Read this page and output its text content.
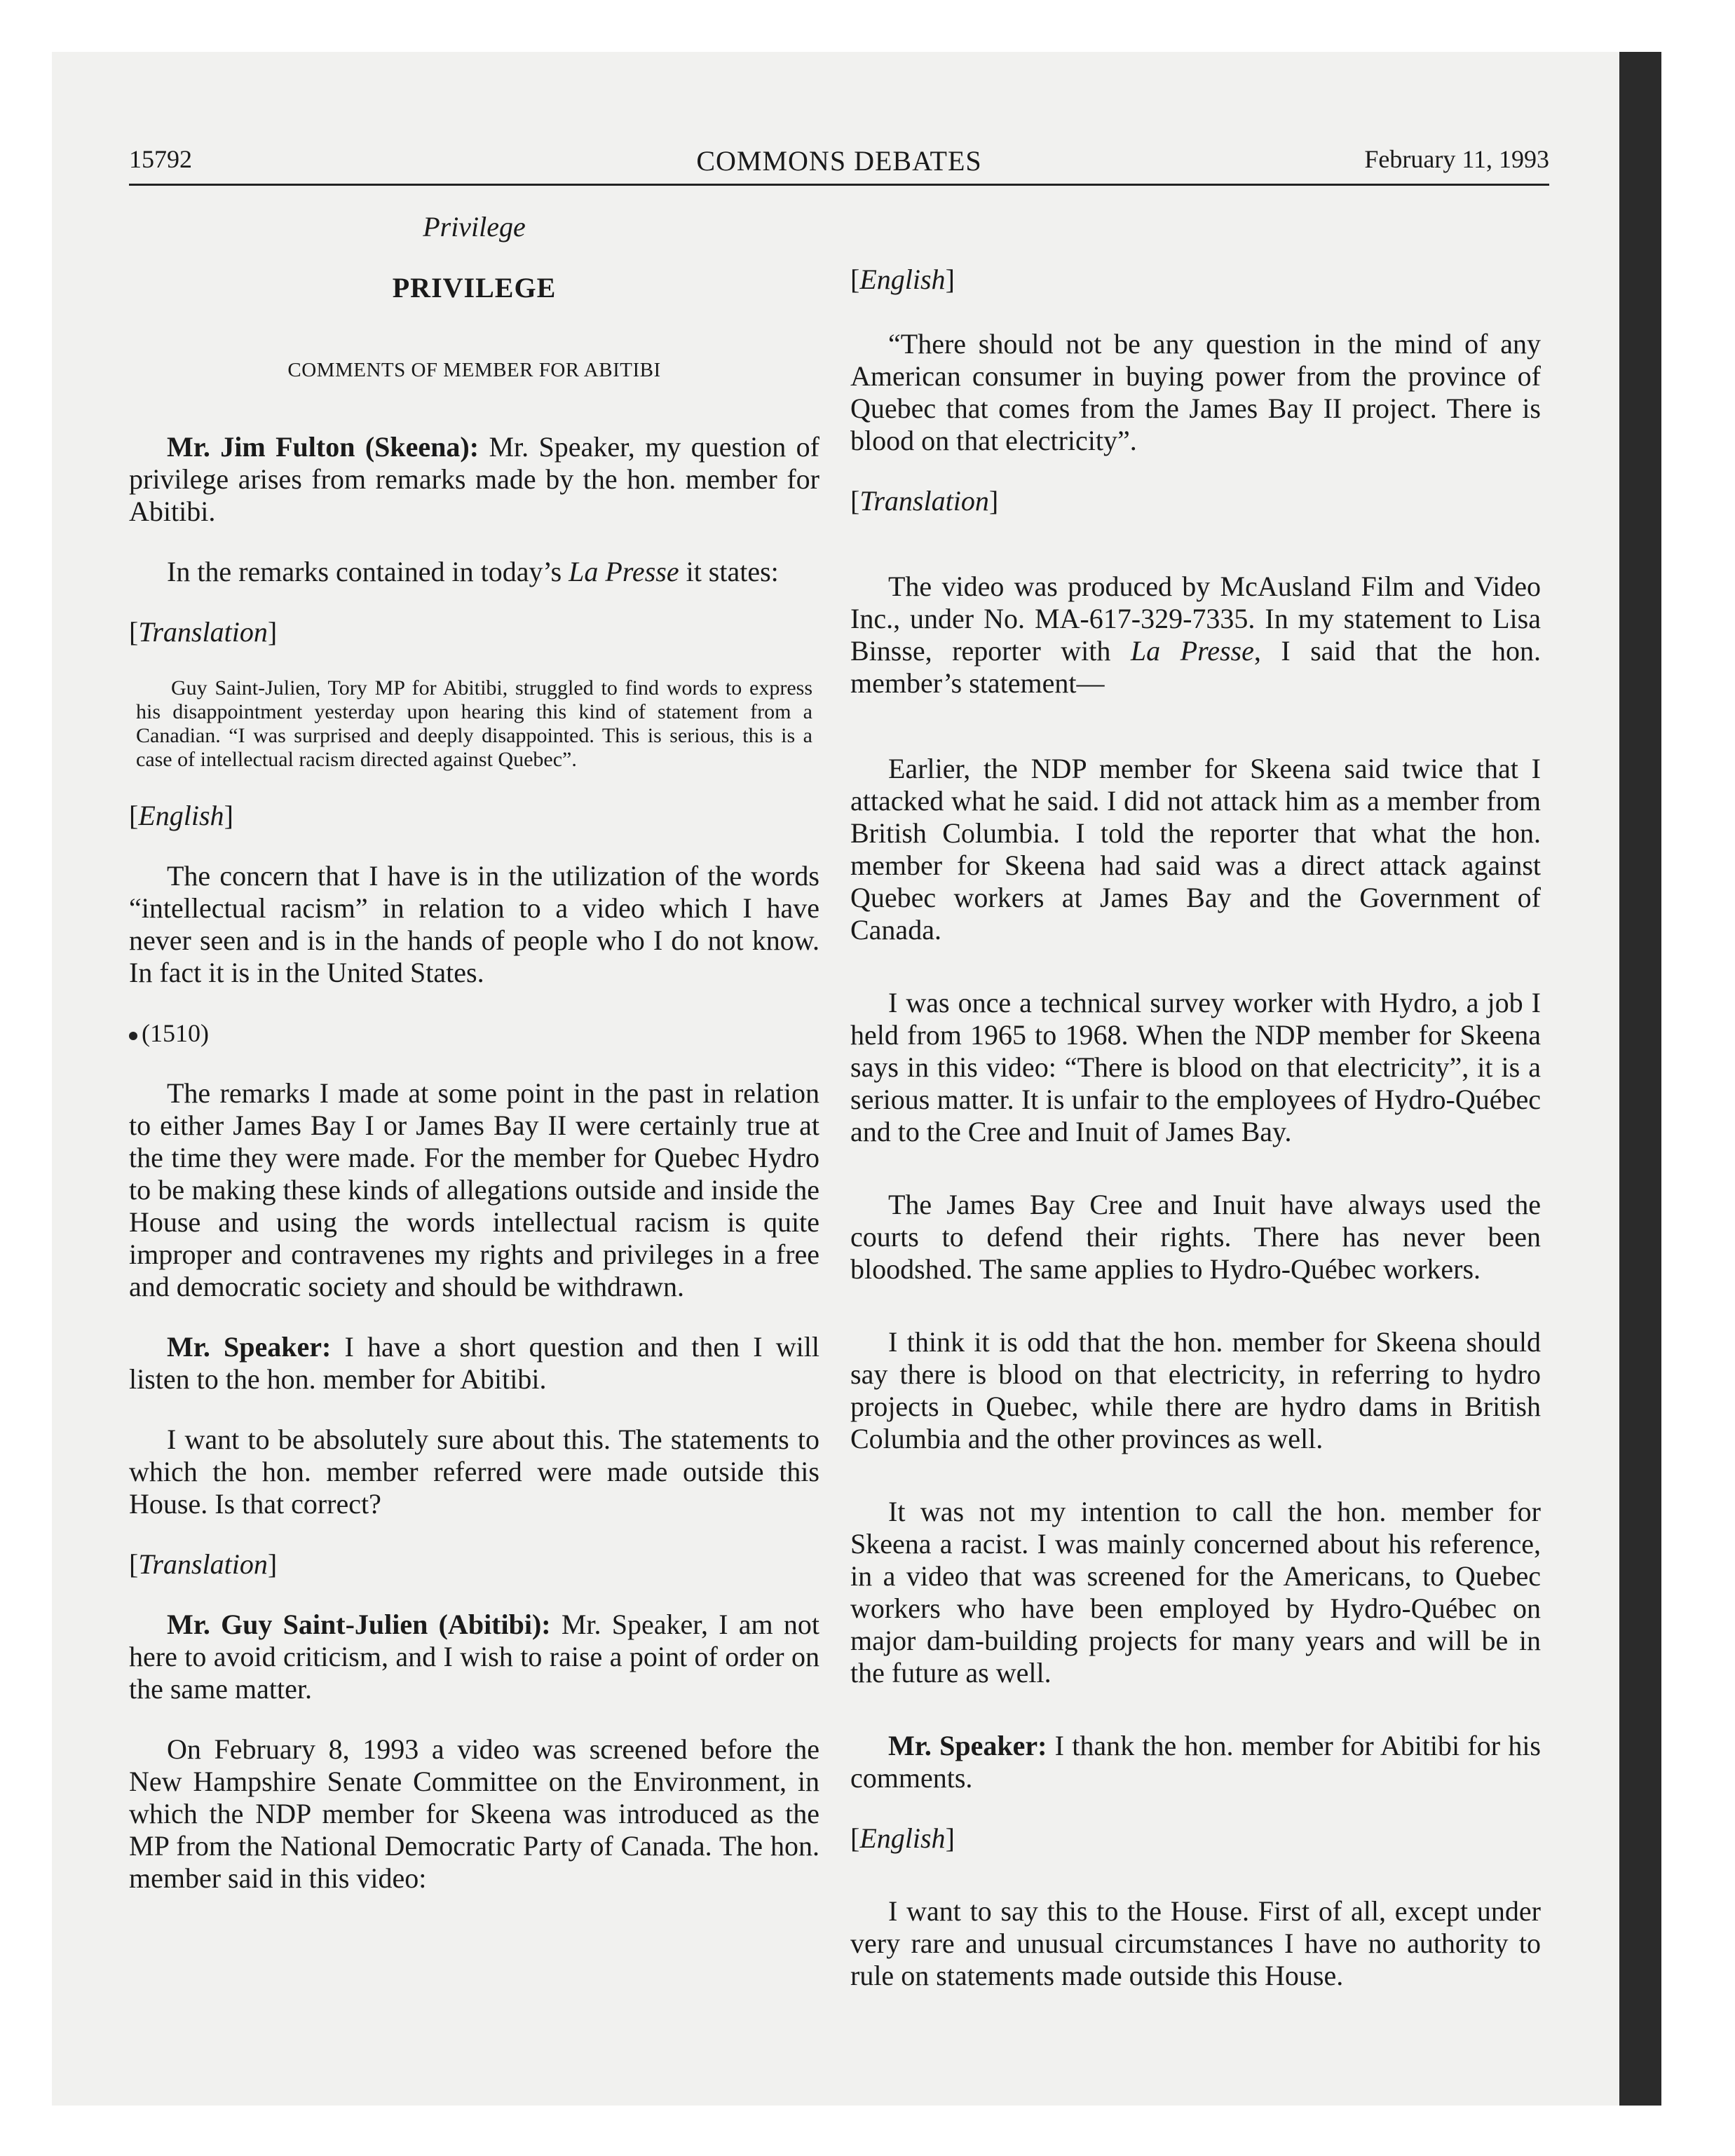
15792	COMMONS DEBATES	February 11, 1993
Privilege
PRIVILEGE
COMMENTS OF MEMBER FOR ABITIBI

Mr. Jim Fulton (Skeena): Mr. Speaker, my question of privilege arises from remarks made by the hon. member for Abitibi.

In the remarks contained in today’s La Presse it states:

[Translation]
Guy Saint-Julien, Tory MP for Abitibi, struggled to find words to express his disappointment yesterday upon hearing this kind of statement from a Canadian. “I was surprised and deeply disappointed. This is serious, this is a case of intellectual racism directed against Quebec”.
[English]

The concern that I have is in the utilization of the words “intellectual racism” in relation to a video which I have never seen and is in the hands of people who I do not know. In fact it is in the United States.

(1510)

The remarks I made at some point in the past in relation to either James Bay I or James Bay II were certainly true at the time they were made. For the member for Quebec Hydro to be making these kinds of allegations outside and inside the House and using the words intellectual racism is quite improper and contravenes my rights and privileges in a free and democratic society and should be withdrawn.

Mr. Speaker: I have a short question and then I will listen to the hon. member for Abitibi.

I want to be absolutely sure about this. The statements to which the hon. member referred were made outside this House. Is that correct?

[Translation]

Mr. Guy Saint-Julien (Abitibi): Mr. Speaker, I am not here to avoid criticism, and I wish to raise a point of order on the same matter.

On February 8, 1993 a video was screened before the New Hampshire Senate Committee on the Environment, in which the NDP member for Skeena was introduced as the MP from the National Democratic Party of Canada. The hon. member said in this video:

[English]

“There should not be any question in the mind of any American consumer in buying power from the province of Quebec that comes from the James Bay II project. There is blood on that electricity”.

[Translation]

The video was produced by McAusland Film and Video Inc., under No. MA-617-329-7335. In my statement to Lisa Binsse, reporter with La Presse, I said that the hon. member’s statement—

Earlier, the NDP member for Skeena said twice that I attacked what he said. I did not attack him as a member from British Columbia. I told the reporter that what the hon. member for Skeena had said was a direct attack against Quebec workers at James Bay and the Government of Canada.

I was once a technical survey worker with Hydro, a job I held from 1965 to 1968. When the NDP member for Skeena says in this video: “There is blood on that electricity”, it is a serious matter. It is unfair to the employees of Hydro-Québec and to the Cree and Inuit of James Bay.

The James Bay Cree and Inuit have always used the courts to defend their rights. There has never been bloodshed. The same applies to Hydro-Québec workers.

I think it is odd that the hon. member for Skeena should say there is blood on that electricity, in referring to hydro projects in Quebec, while there are hydro dams in British Columbia and the other provinces as well.

It was not my intention to call the hon. member for Skeena a racist. I was mainly concerned about his reference, in a video that was screened for the Americans, to Quebec workers who have been employed by Hydro-Québec on major dam-building projects for many years and will be in the future as well.

Mr. Speaker: I thank the hon. member for Abitibi for his comments.

[English]

I want to say this to the House. First of all, except under very rare and unusual circumstances I have no authority to rule on statements made outside this House.
